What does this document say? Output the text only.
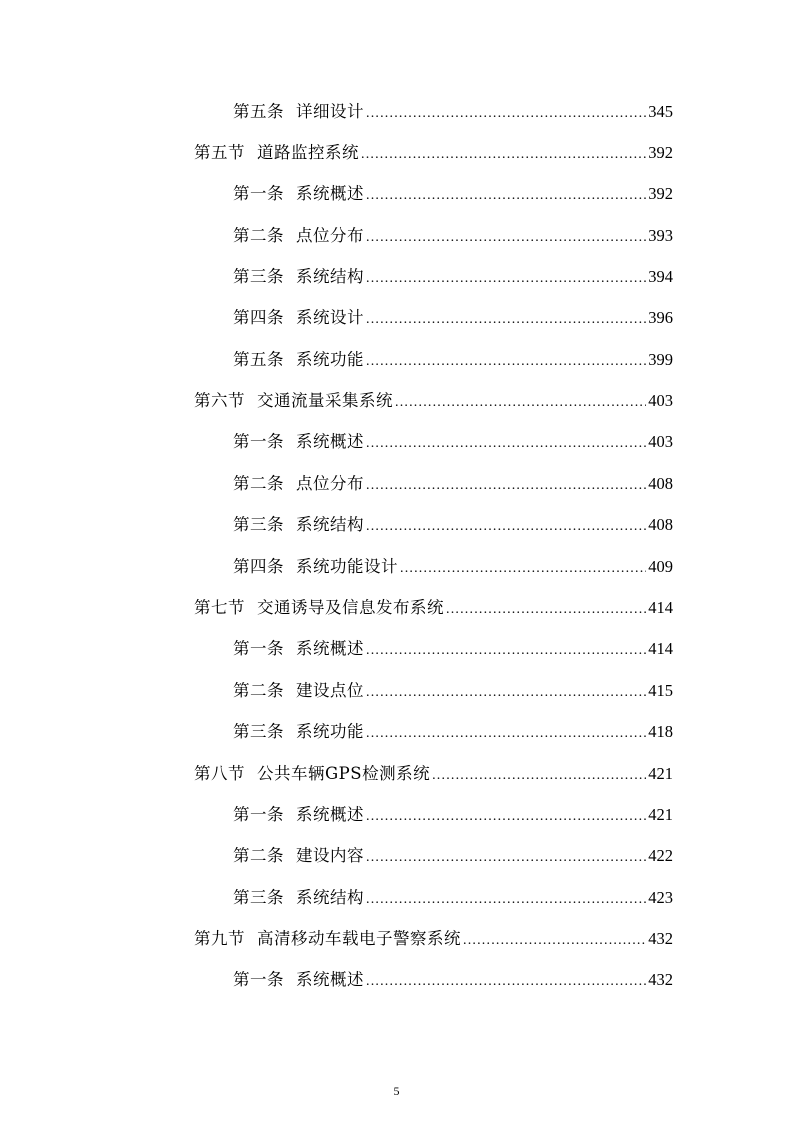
第五条 详细设计 .....	345
第五节 道路监控系统 .....	392
第一条 系统概述 .....	392
第二条 点位分布 .....	393
第三条 系统结构 .....	394
第四条 系统设计 .....	396
第五条 系统功能 .....	399
第六节 交通流量采集系统 .....	403
第一条 系统概述 .....	403
第二条 点位分布 .....	408
第三条 系统结构 .....	408
第四条 系统功能设计 .....	409
第七节 交通诱导及信息发布系统 .....	414
第一条 系统概述 .....	414
第二条 建设点位 .....	415
第三条 系统功能 .....	418
第八节 公共车辆GPS检测系统 .....	421
第一条 系统概述 .....	421
第二条 建设内容 .....	422
第三条 系统结构 .....	423
第九节 高清移动车载电子警察系统 .....	432
第一条 系统概述 .....	432
5
